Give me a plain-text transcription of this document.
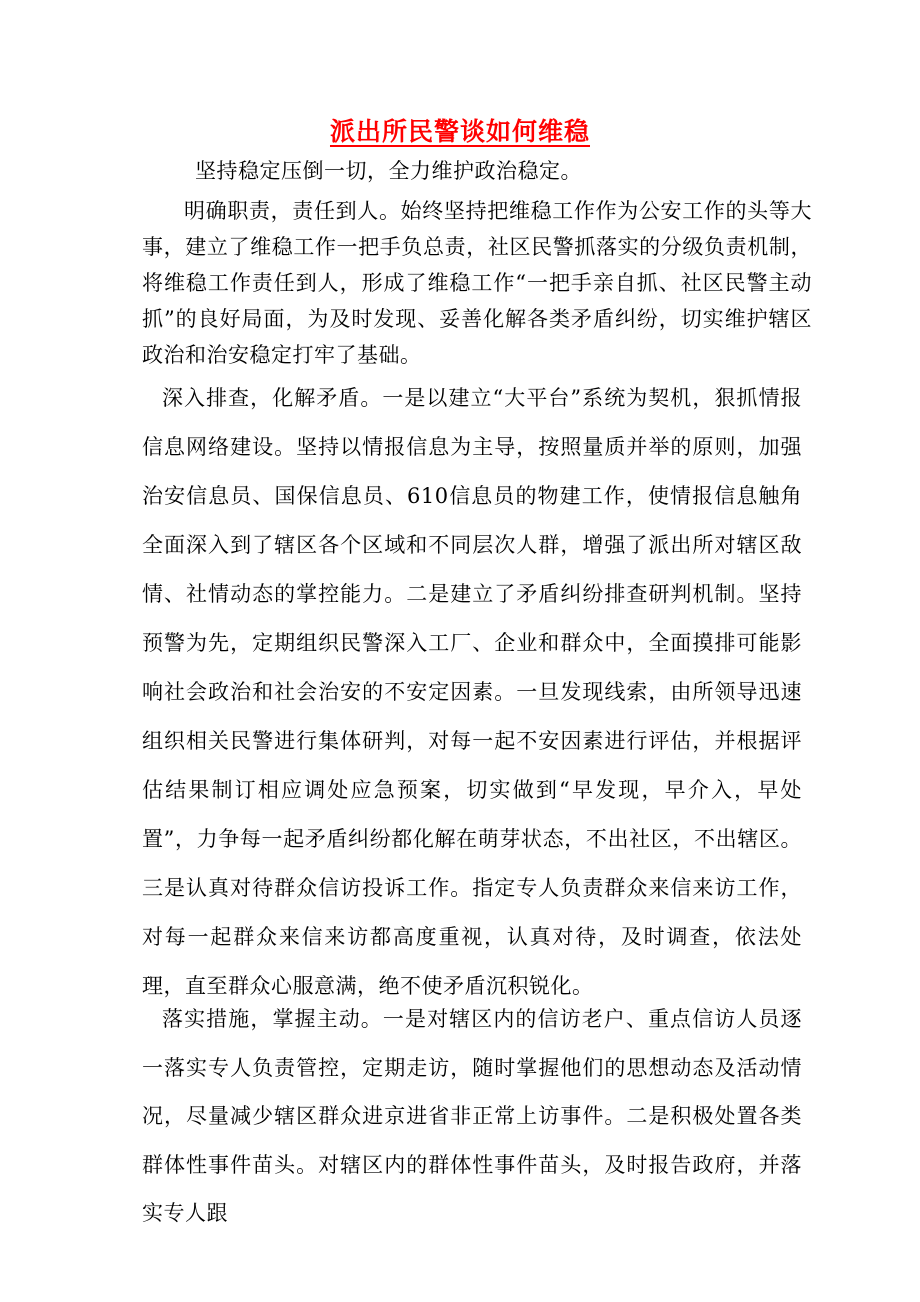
派出所民警谈如何维稳

坚持稳定压倒一切，全力维护政治稳定。

明确职责，责任到人。始终坚持把维稳工作作为公安工作的头等大事，建立了维稳工作一把手负总责，社区民警抓落实的分级负责机制，将维稳工作责任到人，形成了维稳工作“一把手亲自抓、社区民警主动抓”的良好局面，为及时发现、妥善化解各类矛盾纠纷，切实维护辖区政治和治安稳定打牢了基础。

深入排查，化解矛盾。一是以建立“大平台”系统为契机，狠抓情报信息网络建设。坚持以情报信息为主导，按照量质并举的原则，加强治安信息员、国保信息员、610信息员的物建工作，使情报信息触角全面深入到了辖区各个区域和不同层次人群，增强了派出所对辖区敌情、社情动态的掌控能力。二是建立了矛盾纠纷排查研判机制。坚持预警为先，定期组织民警深入工厂、企业和群众中，全面摸排可能影响社会政治和社会治安的不安定因素。一旦发现线索，由所领导迅速组织相关民警进行集体研判，对每一起不安因素进行评估，并根据评估结果制订相应调处应急预案，切实做到“早发现，早介入，早处置”，力争每一起矛盾纠纷都化解在萌芽状态，不出社区，不出辖区。三是认真对待群众信访投诉工作。指定专人负责群众来信来访工作，对每一起群众来信来访都高度重视，认真对待，及时调查，依法处理，直至群众心服意满，绝不使矛盾沉积锐化。

落实措施，掌握主动。一是对辖区内的信访老户、重点信访人员逐一落实专人负责管控，定期走访，随时掌握他们的思想动态及活动情况，尽量减少辖区群众进京进省非正常上访事件。二是积极处置各类群体性事件苗头。对辖区内的群体性事件苗头，及时报告政府，并落实专人跟
